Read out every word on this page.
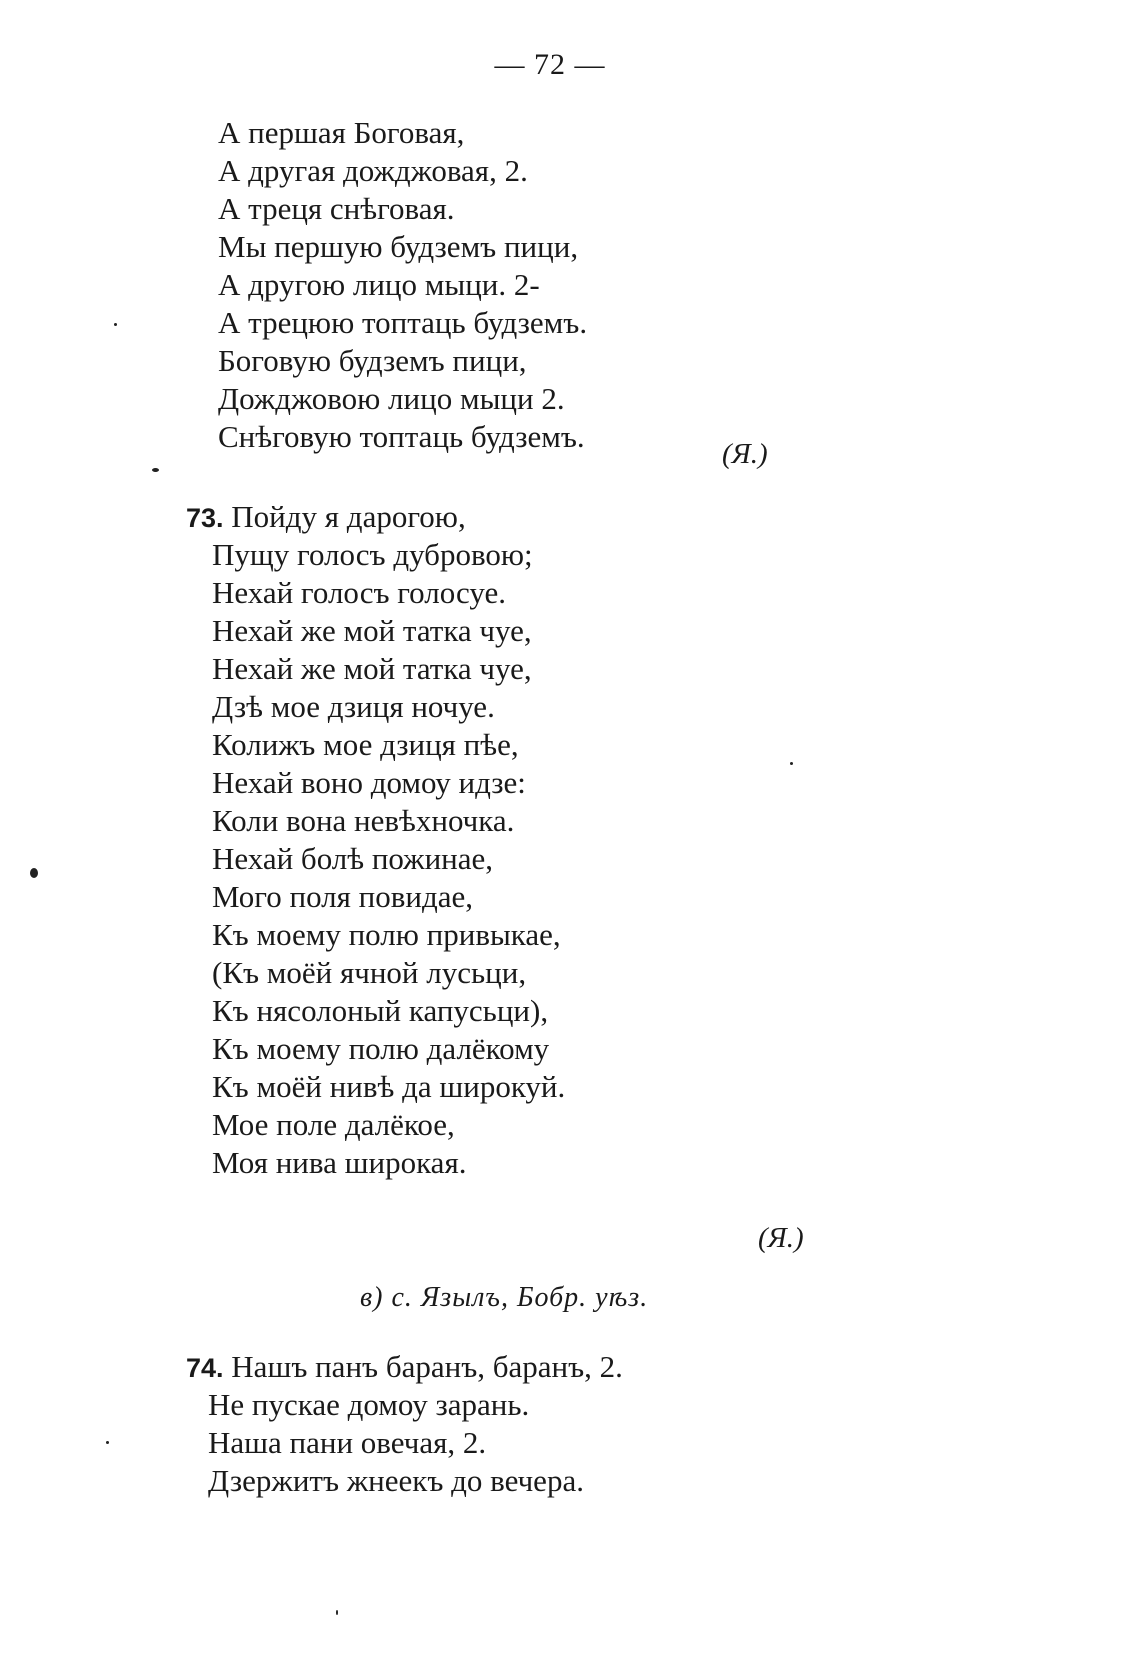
— 72 —
А першая Боговая,
А другая дожджовая, 2.
А треця снѣговая.
Мы першую будземъ пици,
А другою лицо мыци. 2-
А трецюю топтаць будземъ.
Боговую будземъ пици,
Дожджовою лицо мыци 2.
Снѣговую топтаць будземъ.	(Я.)
73. Пойду я дарогою,
Пущу голосъ дубровою;
Нехай голосъ голосуе.
Нехай же мой татка чуе,
Нехай же мой татка чуе,
Дзѣ мое дзиця ночуе.
Колижъ мое дзиця пѣе,
Нехай воно домоу идзе:
Коли вона невѣхночка.
Нехай болѣ пожинае,
Мого поля повидае,
Къ моему полю привыкае,
(Къ моёй ячной лусьци,
Къ нясолоный капусьци),
Къ моему полю далёкому
Къ моёй нивѣ да широкуй.
Мое поле далёкое,
Моя нива широкая.
(Я.)
в) с. Язылъ, Бобр. уѣз.
74. Нашъ панъ баранъ, баранъ, 2.
Не пускае домоу зарань.
Наша пани овечая, 2.
Дзержитъ жнеекъ до вечера.
